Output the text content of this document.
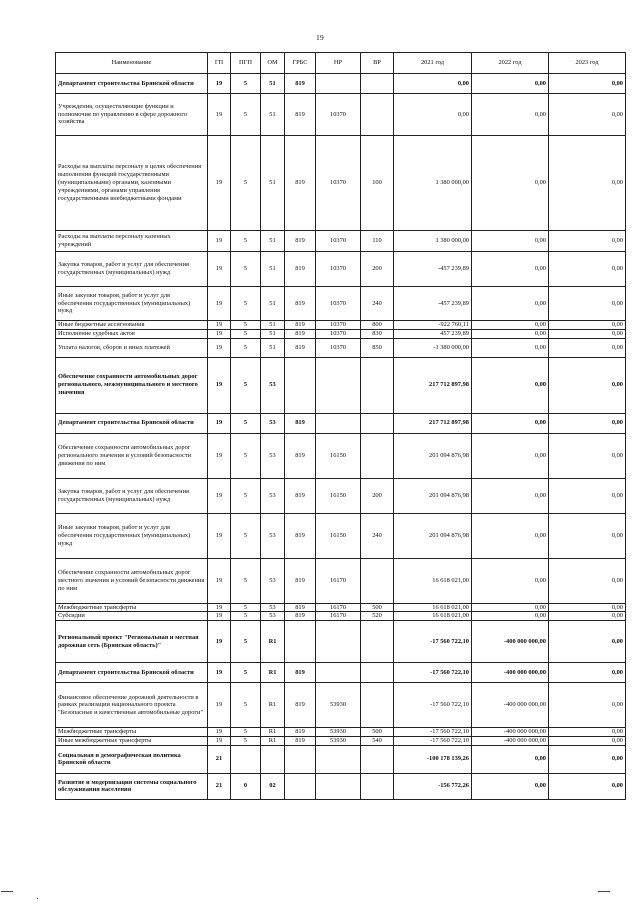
19
Наименование	ГП	ПГП	ОМ	ГРБС	НР	ВР	2021 год	2022 год	2023 год
Департамент строительства Брянской области	19	5	51	819			0,00	0,00	0,00
Учреждения, осуществляющие функции и полномочия по управлению в сфере дорожного хозяйства	19	5	51	819	10370		0,00	0,00	0,00
Расходы на выплаты персоналу в целях обеспечения выполнения функций государственными (муниципальными) органами, казенными учреждениями, органами управления государственными внебюджетными фондами	19	5	51	819	10370	100	1 380 000,00	0,00	0,00
Расходы на выплаты персоналу казенных учреждений	19	5	51	819	10370	110	1 380 000,00	0,00	0,00
Закупка товаров, работ и услуг для обеспечения государственных (муниципальных) нужд	19	5	51	819	10370	200	-457 239,89	0,00	0,00
Иные закупки товаров, работ и услуг для обеспечения государственных (муниципальных) нужд	19	5	51	819	10370	240	-457 239,89	0,00	0,00
Иные бюджетные ассигнования	19	5	51	819	10370	800	-922 760,11	0,00	0,00
Исполнение судебных актов	19	5	51	819	10370	830	457 239,89	0,00	0,00
Уплата налогов, сборов и иных платежей	19	5	51	819	10370	850	-1 380 000,00	0,00	0,00
Обеспечение сохранности автомобильных дорог регионального, межмуниципального и местного значения	19	5	53				217 712 897,98	0,00	0,00
Департамент строительства Брянской области	19	5	53	819			217 712 897,98	0,00	0,00
Обеспечение сохранности автомобильных дорог регионального значения и условий безопасности движения по ним	19	5	53	819	16150		201 094 876,98	0,00	0,00
Закупка товаров, работ и услуг для обеспечения государственных (муниципальных) нужд	19	5	53	819	16150	200	201 094 876,98	0,00	0,00
Иные закупки товаров, работ и услуг для обеспечения государственных (муниципальных) нужд	19	5	53	819	16150	240	201 094 876,98	0,00	0,00
Обеспечение сохранности автомобильных дорог местного значения и условий безопасности движения по ним	19	5	53	819	16170		16 618 021,00	0,00	0,00
Межбюджетные трансферты	19	5	53	819	16170	500	16 618 021,00	0,00	0,00
Субсидии	19	5	53	819	16170	520	16 618 021,00	0,00	0,00
Региональный проект "Региональная и местная дорожная сеть (Брянская область)"	19	5	R1				-17 560 722,10	-400 000 000,00	0,00
Департамент строительства Брянской области	19	5	R1	819			-17 560 722,10	-400 000 000,00	0,00
Финансовое обеспечение дорожной деятельности в рамках реализации национального проекта "Безопасные и качественные автомобильные дороги"	19	5	R1	819	53930		-17 560 722,10	-400 000 000,00	0,00
Межбюджетные трансферты	19	5	R1	819	53930	500	-17 560 722,10	-400 000 000,00	0,00
Иные межбюджетные трансферты	19	5	R1	819	53930	540	-17 560 722,10	-400 000 000,00	0,00
Социальная и демографическая политика Брянской области	21						-100 178 139,26	0,00	0,00
Развитие и модернизация системы социального обслуживания населения	21	0	02				-156 772,26	0,00	0,00
